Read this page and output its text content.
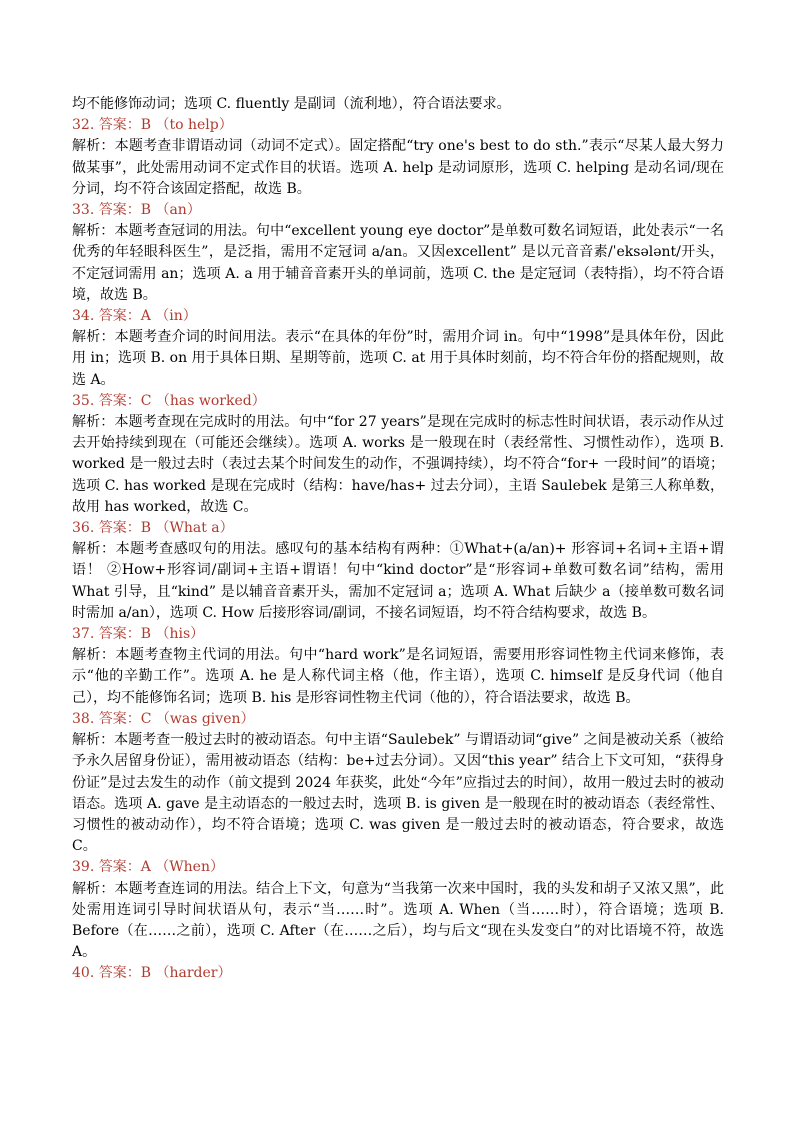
均不能修饰动词；选项 C. fluently 是副词（流利地），符合语法要求。

32. 答案：B （to help）

解析：本题考查非谓语动词（动词不定式）。固定搭配“try one's best to do sth.”表示“尽某人最大努力做某事”，此处需用动词不定式作目的状语。选项 A. help 是动词原形，选项 C. helping 是动名词/现在分词，均不符合该固定搭配，故选 B。

33. 答案：B （an）

解析：本题考查冠词的用法。句中“excellent young eye doctor”是单数可数名词短语，此处表示“一名优秀的年轻眼科医生”，是泛指，需用不定冠词 a/an。又因excellent” 是以元音音素/ˈeksələnt/开头，不定冠词需用 an；选项 A. a 用于辅音音素开头的单词前，选项 C. the 是定冠词（表特指），均不符合语境，故选 B。

34. 答案：A （in）

解析：本题考查介词的时间用法。表示“在具体的年份”时，需用介词 in。句中“1998”是具体年份，因此用 in；选项 B. on 用于具体日期、星期等前，选项 C. at 用于具体时刻前，均不符合年份的搭配规则，故选 A。

35. 答案：C （has worked）

解析：本题考查现在完成时的用法。句中“for 27 years”是现在完成时的标志性时间状语，表示动作从过去开始持续到现在（可能还会继续）。选项 A. works 是一般现在时（表经常性、习惯性动作），选项 B. worked 是一般过去时（表过去某个时间发生的动作，不强调持续），均不符合“for+ 一段时间”的语境；选项 C. has worked 是现在完成时（结构：have/has+ 过去分词），主语 Saulebek 是第三人称单数，故用 has worked，故选 C。

36. 答案：B （What a）

解析：本题考查感叹句的用法。感叹句的基本结构有两种：①What+(a/an)+ 形容词+名词+主语+谓语！ ②How+形容词/副词+主语+谓语！句中“kind doctor”是“形容词+单数可数名词”结构，需用 What 引导，且“kind” 是以辅音音素开头，需加不定冠词 a；选项 A. What 后缺少 a（接单数可数名词时需加 a/an），选项 C. How 后接形容词/副词，不接名词短语，均不符合结构要求，故选 B。

37. 答案：B （his）

解析：本题考查物主代词的用法。句中“hard work”是名词短语，需要用形容词性物主代词来修饰，表示“他的辛勤工作”。选项 A. he 是人称代词主格（他，作主语），选项 C. himself 是反身代词（他自己），均不能修饰名词；选项 B. his 是形容词性物主代词（他的），符合语法要求，故选 B。

38. 答案：C （was given）

解析：本题考查一般过去时的被动语态。句中主语“Saulebek” 与谓语动词“give” 之间是被动关系（被给予永久居留身份证），需用被动语态（结构：be+过去分词）。又因“this year” 结合上下文可知，“获得身份证”是过去发生的动作（前文提到 2024 年获奖，此处“今年”应指过去的时间），故用一般过去时的被动语态。选项 A. gave 是主动语态的一般过去时，选项 B. is given 是一般现在时的被动语态（表经常性、习惯性的被动动作），均不符合语境；选项 C. was given 是一般过去时的被动语态，符合要求，故选 C。

39. 答案：A （When）

解析：本题考查连词的用法。结合上下文，句意为“当我第一次来中国时，我的头发和胡子又浓又黑”，此处需用连词引导时间状语从句，表示“当……时”。选项 A. When（当……时），符合语境；选项 B. Before（在……之前），选项 C. After（在……之后），均与后文“现在头发变白”的对比语境不符，故选 A。

40. 答案：B （harder）
